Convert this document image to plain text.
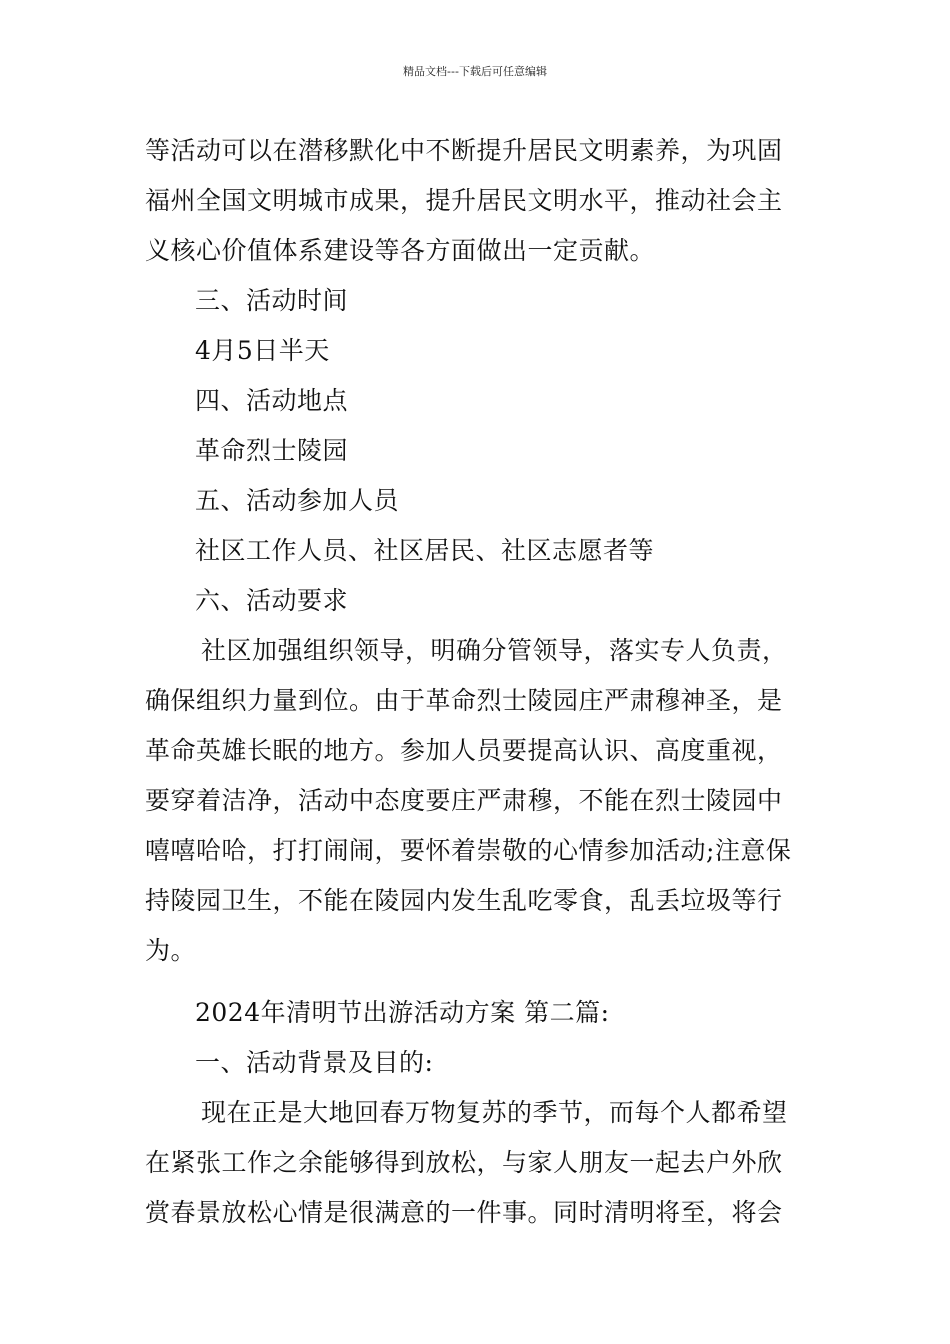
精品文档---下载后可任意编辑
等活动可以在潜移默化中不断提升居民文明素养，为巩固
福州全国文明城市成果，提升居民文明水平，推动社会主
义核心价值体系建设等各方面做出一定贡献。
三、活动时间
4月5日半天
四、活动地点
革命烈士陵园
五、活动参加人员
社区工作人员、社区居民、社区志愿者等
六、活动要求
社区加强组织领导，明确分管领导，落实专人负责，
确保组织力量到位。由于革命烈士陵园庄严肃穆神圣，是
革命英雄长眠的地方。参加人员要提高认识、高度重视，
要穿着洁净，活动中态度要庄严肃穆，不能在烈士陵园中
嘻嘻哈哈，打打闹闹，要怀着崇敬的心情参加活动;注意保
持陵园卫生，不能在陵园内发生乱吃零食，乱丢垃圾等行
为。
2024年清明节出游活动方案 第二篇:
一、活动背景及目的:
现在正是大地回春万物复苏的季节，而每个人都希望
在紧张工作之余能够得到放松，与家人朋友一起去户外欣
赏春景放松心情是很满意的一件事。同时清明将至，将会
